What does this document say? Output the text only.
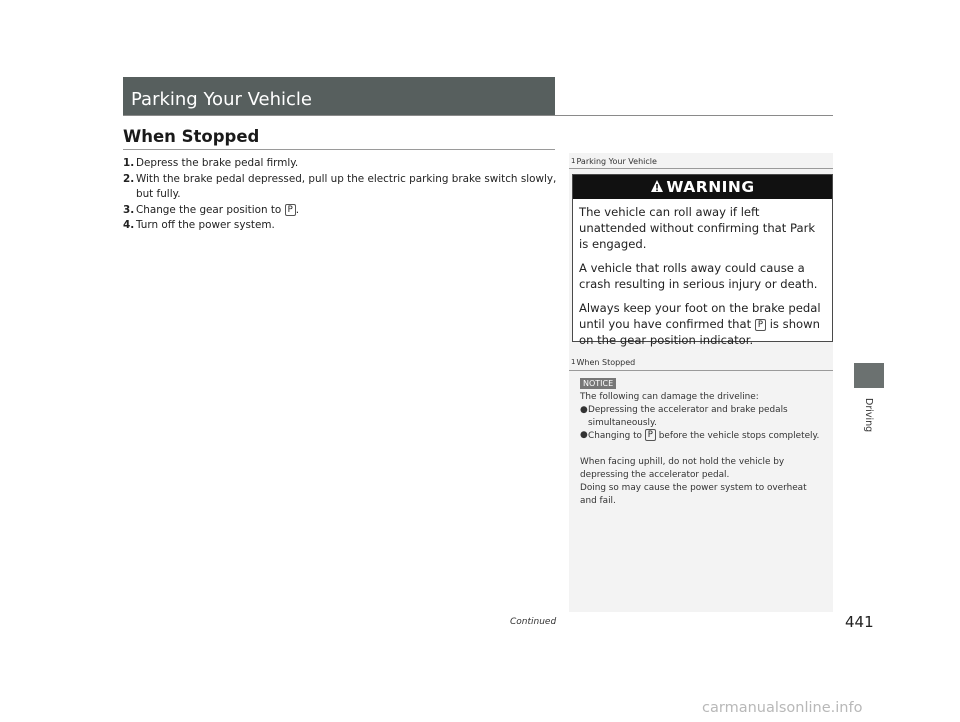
Parking Your Vehicle
When Stopped
1. Depress the brake pedal firmly.
2. With the brake pedal depressed, pull up the electric parking brake switch slowly, but fully.
3. Change the gear position to P .
4. Turn off the power system.
1Parking Your Vehicle
WARNING

The vehicle can roll away if left unattended without confirming that Park is engaged.

A vehicle that rolls away could cause a crash resulting in serious injury or death.

Always keep your foot on the brake pedal until you have confirmed that P is shown on the gear position indicator.

1When Stopped
NOTICE
The following can damage the driveline:
● Depressing the accelerator and brake pedals simultaneously.
● Changing to P before the vehicle stops completely.
When facing uphill, do not hold the vehicle by depressing the accelerator pedal.
Doing so may cause the power system to overheat and fail.
Driving
Continued	441
carmanualsonline.info
